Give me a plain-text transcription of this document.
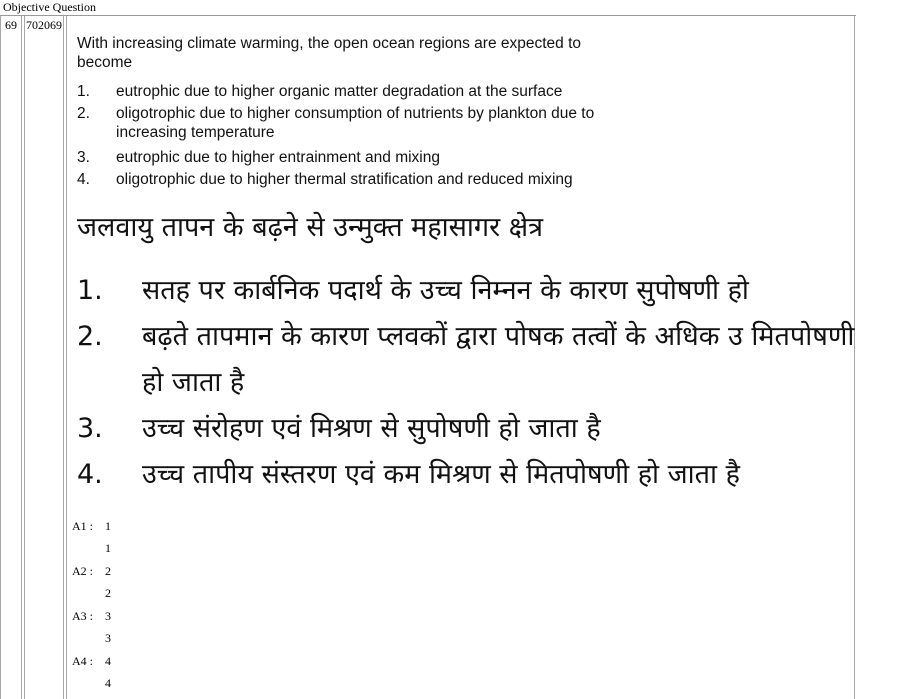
Objective Question
69 702069
With increasing climate warming, the open ocean regions are expected to become
1. eutrophic due to higher organic matter degradation at the surface
2. oligotrophic due to higher consumption of nutrients by plankton due to increasing temperature
3. eutrophic due to higher entrainment and mixing
4. oligotrophic due to higher thermal stratification and reduced mixing
जलवायु तापन के बढ़ने से उन्मुक्त महासागर क्षेत्र
1. सतह पर कार्बनिक पदार्थ के उच्च निम्नन के कारण सुपोषणी हो
2. बढ़ते तापमान के कारण प्लवकों द्वारा पोषक तत्वों के अधिक उ मितपोषणी हो जाता है
3. उच्च संरोहण एवं मिश्रण से सुपोषणी हो जाता है
4. उच्च तापीय संस्तरण एवं कम मिश्रण से मितपोषणी हो जाता है
A1 :	1
1
A2 :	2
2
A3 :	3
3
A4 :	4
4
